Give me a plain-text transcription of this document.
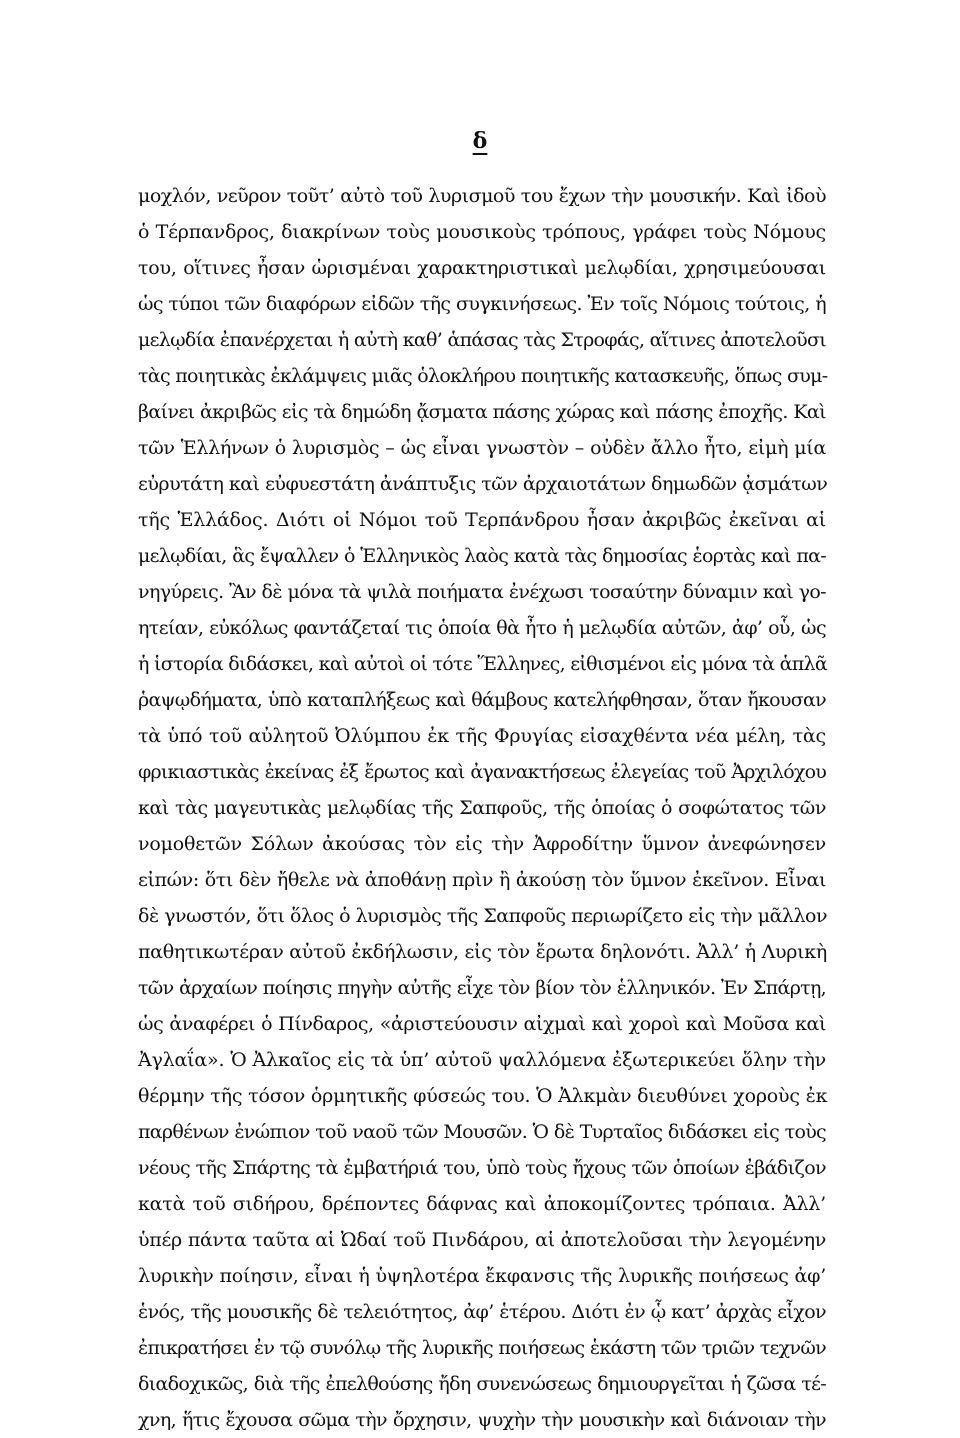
δ
μοχλόν, νεῦρον τοῦτ’ αὐτὸ τοῦ λυρισμοῦ του ἔχων τὴν μουσικήν. Καὶ ἰδοὺ
ὁ Τέρπανδρος, διακρίνων τοὺς μουσικοὺς τρόπους, γράφει τοὺς Νόμους
του, οἵτινες ἦσαν ὡρισμέναι χαρακτηριστικαὶ μελῳδίαι, χρησιμεύουσαι
ὡς τύποι τῶν διαφόρων εἰδῶν τῆς συγκινήσεως. Ἐν τοῖς Νόμοις τούτοις, ἡ
μελῳδία ἐπανέρχεται ἡ αὐτὴ καθ’ ἁπάσας τὰς Στροφάς, αἵτινες ἀποτελοῦσι
τὰς ποιητικὰς ἐκλάμψεις μιᾶς ὁλοκλήρου ποιητικῆς κατασκευῆς, ὅπως συμ-
βαίνει ἀκριβῶς εἰς τὰ δημώδη ᾄσματα πάσης χώρας καὶ πάσης ἐποχῆς. Καὶ
τῶν Ἑλλήνων ὁ λυρισμὸς – ὡς εἶναι γνωστὸν – οὐδὲν ἄλλο ἦτο, εἰμὴ μία
εὐρυτάτη καὶ εὐφυεστάτη ἀνάπτυξις τῶν ἀρχαιοτάτων δημωδῶν ᾀσμάτων
τῆς Ἑλλάδος. Διότι οἱ Νόμοι τοῦ Τερπάνδρου ἦσαν ἀκριβῶς ἐκεῖναι αἱ
μελῳδίαι, ἃς ἔψαλλεν ὁ Ἑλληνικὸς λαὸς κατὰ τὰς δημοσίας ἑορτὰς καὶ πα-
νηγύρεις. Ἂν δὲ μόνα τὰ ψιλὰ ποιήματα ἐνέχωσι τοσαύτην δύναμιν καὶ γο-
ητείαν, εὐκόλως φαντάζεταί τις ὁποία θὰ ἦτο ἡ μελῳδία αὐτῶν, ἀφ’ οὗ, ὡς
ἡ ἱστορία διδάσκει, καὶ αὐτοὶ οἱ τότε Ἕλληνες, εἰθισμένοι εἰς μόνα τὰ ἁπλᾶ
ῥαψῳδήματα, ὑπὸ καταπλήξεως καὶ θάμβους κατελήφθησαν, ὅταν ἤκουσαν
τὰ ὑπό τοῦ αὐλητοῦ Ὀλύμπου ἐκ τῆς Φρυγίας εἰσαχθέντα νέα μέλη, τὰς
φρικιαστικὰς ἐκείνας ἐξ ἔρωτος καὶ ἀγανακτήσεως ἐλεγείας τοῦ Ἀρχιλόχου
καὶ τὰς μαγευτικὰς μελῳδίας τῆς Σαπφοῦς, τῆς ὁποίας ὁ σοφώτατος τῶν
νομοθετῶν Σόλων ἀκούσας τὸν εἰς τὴν Ἀφροδίτην ὕμνον ἀνεφώνησεν
εἰπών: ὅτι δὲν ἤθελε νὰ ἀποθάνῃ πρὶν ἢ ἀκούσῃ τὸν ὕμνον ἐκεῖνον. Εἶναι
δὲ γνωστόν, ὅτι ὅλος ὁ λυρισμὸς τῆς Σαπφοῦς περιωρίζετο εἰς τὴν μᾶλλον
παθητικωτέραν αὐτοῦ ἐκδήλωσιν, εἰς τὸν ἔρωτα δηλονότι. Ἀλλ’ ἡ Λυρικὴ
τῶν ἀρχαίων ποίησις πηγὴν αὐτῆς εἶχε τὸν βίον τὸν ἑλληνικόν. Ἐν Σπάρτῃ,
ὡς ἀναφέρει ὁ Πίνδαρος, «ἀριστεύουσιν αἰχμαὶ καὶ χοροὶ καὶ Μοῦσα καὶ
Ἀγλαΐα». Ὁ Ἀλκαῖος εἰς τὰ ὑπ’ αὐτοῦ ψαλλόμενα ἐξωτερικεύει ὅλην τὴν
θέρμην τῆς τόσον ὁρμητικῆς φύσεώς του. Ὁ Ἀλκμὰν διευθύνει χοροὺς ἐκ
παρθένων ἐνώπιον τοῦ ναοῦ τῶν Μουσῶν. Ὁ δὲ Τυρταῖος διδάσκει εἰς τοὺς
νέους τῆς Σπάρτης τὰ ἐμβατήριά του, ὑπὸ τοὺς ἤχους τῶν ὁποίων ἐβάδιζον
κατὰ τοῦ σιδήρου, δρέποντες δάφνας καὶ ἀποκομίζοντες τρόπαια. Ἀλλ’
ὑπέρ πάντα ταῦτα αἱ Ὠδαί τοῦ Πινδάρου, αἱ ἀποτελοῦσαι τὴν λεγομένην
λυρικὴν ποίησιν, εἶναι ἡ ὑψηλοτέρα ἔκφανσις τῆς λυρικῆς ποιήσεως ἀφ’
ἑνός, τῆς μουσικῆς δὲ τελειότητος, ἀφ’ ἑτέρου. Διότι ἐν ᾧ κατ’ ἀρχὰς εἶχον
ἐπικρατήσει ἐν τῷ συνόλῳ τῆς λυρικῆς ποιήσεως ἑκάστη τῶν τριῶν τεχνῶν
διαδοχικῶς, διὰ τῆς ἐπελθούσης ἤδη συνενώσεως δημιουργεῖται ἡ ζῶσα τέ-
χνη, ἥτις ἔχουσα σῶμα τὴν ὄρχησιν, ψυχὴν τὴν μουσικὴν καὶ διάνοιαν τὴν
